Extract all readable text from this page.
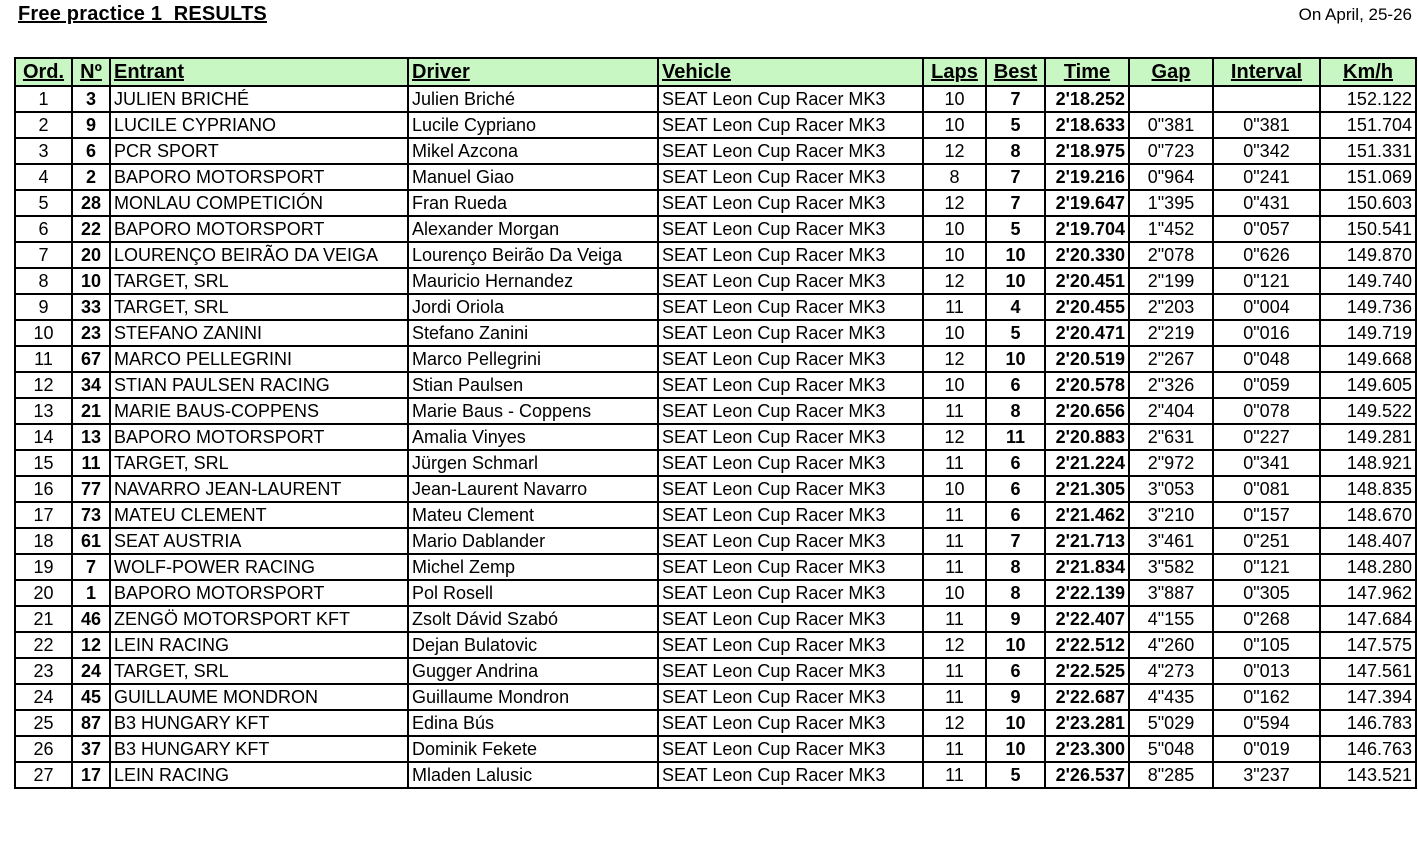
Free practice 1  RESULTS	On April, 25-26
Ord.	Nº	Entrant	Driver	Vehicle	Laps	Best	Time	Gap	Interval	Km/h
1	3	JULIEN BRICHÉ	Julien Briché	SEAT Leon Cup Racer MK3	10	7	2'18.252			152.122
2	9	LUCILE CYPRIANO	Lucile Cypriano	SEAT Leon Cup Racer MK3	10	5	2'18.633	0"381	0"381	151.704
3	6	PCR SPORT	Mikel Azcona	SEAT Leon Cup Racer MK3	12	8	2'18.975	0"723	0"342	151.331
4	2	BAPORO MOTORSPORT	Manuel Giao	SEAT Leon Cup Racer MK3	8	7	2'19.216	0"964	0"241	151.069
5	28	MONLAU COMPETICIÓN	Fran Rueda	SEAT Leon Cup Racer MK3	12	7	2'19.647	1"395	0"431	150.603
6	22	BAPORO MOTORSPORT	Alexander Morgan	SEAT Leon Cup Racer MK3	10	5	2'19.704	1"452	0"057	150.541
7	20	LOURENÇO BEIRÃO DA VEIGA	Lourenço Beirão Da Veiga	SEAT Leon Cup Racer MK3	10	10	2'20.330	2"078	0"626	149.870
8	10	TARGET, SRL	Mauricio Hernandez	SEAT Leon Cup Racer MK3	12	10	2'20.451	2"199	0"121	149.740
9	33	TARGET, SRL	Jordi Oriola	SEAT Leon Cup Racer MK3	11	4	2'20.455	2"203	0"004	149.736
10	23	STEFANO ZANINI	Stefano Zanini	SEAT Leon Cup Racer MK3	10	5	2'20.471	2"219	0"016	149.719
11	67	MARCO PELLEGRINI	Marco Pellegrini	SEAT Leon Cup Racer MK3	12	10	2'20.519	2"267	0"048	149.668
12	34	STIAN PAULSEN RACING	Stian Paulsen	SEAT Leon Cup Racer MK3	10	6	2'20.578	2"326	0"059	149.605
13	21	MARIE BAUS-COPPENS	Marie Baus - Coppens	SEAT Leon Cup Racer MK3	11	8	2'20.656	2"404	0"078	149.522
14	13	BAPORO MOTORSPORT	Amalia Vinyes	SEAT Leon Cup Racer MK3	12	11	2'20.883	2"631	0"227	149.281
15	11	TARGET, SRL	Jürgen Schmarl	SEAT Leon Cup Racer MK3	11	6	2'21.224	2"972	0"341	148.921
16	77	NAVARRO JEAN-LAURENT	Jean-Laurent Navarro	SEAT Leon Cup Racer MK3	10	6	2'21.305	3"053	0"081	148.835
17	73	MATEU CLEMENT	Mateu Clement	SEAT Leon Cup Racer MK3	11	6	2'21.462	3"210	0"157	148.670
18	61	SEAT AUSTRIA	Mario Dablander	SEAT Leon Cup Racer MK3	11	7	2'21.713	3"461	0"251	148.407
19	7	WOLF-POWER RACING	Michel Zemp	SEAT Leon Cup Racer MK3	11	8	2'21.834	3"582	0"121	148.280
20	1	BAPORO MOTORSPORT	Pol Rosell	SEAT Leon Cup Racer MK3	10	8	2'22.139	3"887	0"305	147.962
21	46	ZENGÖ MOTORSPORT KFT	Zsolt Dávid Szabó	SEAT Leon Cup Racer MK3	11	9	2'22.407	4"155	0"268	147.684
22	12	LEIN RACING	Dejan Bulatovic	SEAT Leon Cup Racer MK3	12	10	2'22.512	4"260	0"105	147.575
23	24	TARGET, SRL	Gugger Andrina	SEAT Leon Cup Racer MK3	11	6	2'22.525	4"273	0"013	147.561
24	45	GUILLAUME MONDRON	Guillaume Mondron	SEAT Leon Cup Racer MK3	11	9	2'22.687	4"435	0"162	147.394
25	87	B3 HUNGARY KFT	Edina Bús	SEAT Leon Cup Racer MK3	12	10	2'23.281	5"029	0"594	146.783
26	37	B3 HUNGARY KFT	Dominik Fekete	SEAT Leon Cup Racer MK3	11	10	2'23.300	5"048	0"019	146.763
27	17	LEIN RACING	Mladen Lalusic	SEAT Leon Cup Racer MK3	11	5	2'26.537	8"285	3"237	143.521
